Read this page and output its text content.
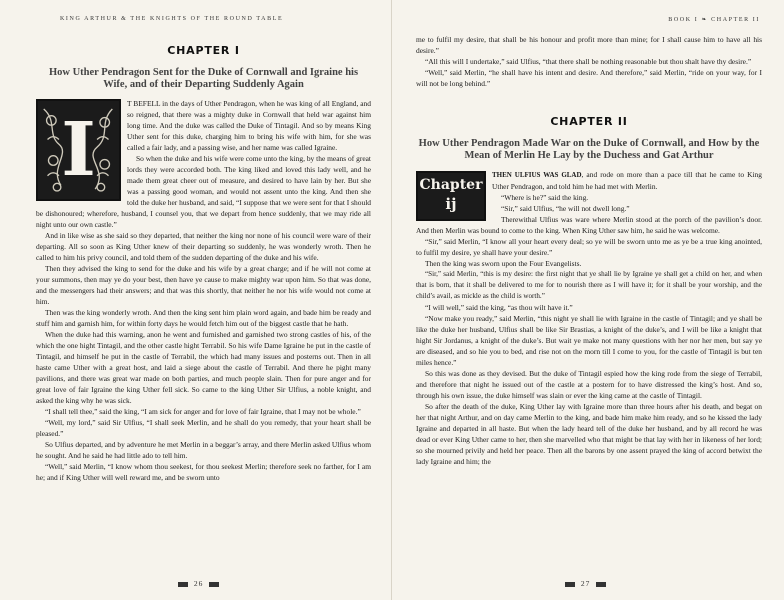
KING ARTHUR & THE KNIGHTS OF THE ROUND TABLE
CHAPTER I
How Uther Pendragon Sent for the Duke of Cornwall and Igraine his Wife, and of their Departing Suddenly Again
I

T BEFELL in the days of Uther Pendragon, when he was king of all England, and so reigned, that there was a mighty duke in Cornwall that held war against him long time. And the duke was called the Duke of Tintagil. And so by means King Uther sent for this duke, charging him to bring his wife with him, for she was called a fair lady, and a passing wise, and her name was called Igraine.

So when the duke and his wife were come unto the king, by the means of great lords they were accorded both. The king liked and loved this lady well, and he made them great cheer out of measure, and desired to have lain by her. But she was a passing good woman, and would not assent unto the king. And then she told the duke her husband, and said, “I suppose that we were sent for that I should be dishonoured; wherefore, husband, I counsel you, that we depart from hence suddenly, that we may ride all night unto our own castle.”

And in like wise as she said so they departed, that neither the king nor none of his council were ware of their departing. All so soon as King Uther knew of their departing so suddenly, he was wonderly wroth. Then he called to him his privy council, and told them of the sudden departing of the duke and his wife.

Then they advised the king to send for the duke and his wife by a great charge; and if he will not come at your summons, then may ye do your best, then have ye cause to make mighty war upon him. So that was done, and the messengers had their answers; and that was this shortly, that neither he nor his wife would not come at him.

Then was the king wonderly wroth. And then the king sent him plain word again, and bade him be ready and stuff him and garnish him, for within forty days he would fetch him out of the biggest castle that he hath.

When the duke had this warning, anon he went and furnished and garnished two strong castles of his, of the which the one hight Tintagil, and the other castle hight Terrabil. So his wife Dame Igraine he put in the castle of Tintagil, and himself he put in the castle of Terrabil, the which had many issues and posterns out. Then in all haste came Uther with a great host, and laid a siege about the castle of Terrabil. And there he pight many pavilions, and there was great war made on both parties, and much people slain. Then for pure anger and for great love of fair Igraine the king Uther fell sick. So came to the king Uther Sir Ulfius, a noble knight, and asked the king why he was sick.

“I shall tell thee,” said the king, “I am sick for anger and for love of fair Igraine, that I may not be whole.”

“Well, my lord,” said Sir Ulfius, “I shall seek Merlin, and he shall do you remedy, that your heart shall be pleased.”

So Ulfius departed, and by adventure he met Merlin in a beggar’s array, and there Merlin asked Ulfius whom he sought. And he said he had little ado to tell him.

“Well,” said Merlin, “I know whom thou seekest, for thou seekest Merlin; therefore seek no farther, for I am he; and if King Uther will well reward me, and be sworn unto

26
BOOK I ❧ CHAPTER II

me to fulfil my desire, that shall be his honour and profit more than mine; for I shall cause him to have all his desire.”

“All this will I undertake,” said Ulfius, “that there shall be nothing reasonable but thou shalt have thy desire.”

“Well,” said Merlin, “he shall have his intent and desire. And therefore,” said Merlin, “ride on your way, for I will not be long behind.”

CHAPTER II
How Uther Pendragon Made War on the Duke of Cornwall, and How by the Mean of Merlin He Lay by the Duchess and Gat Arthur
Chapter
ij

THEN ULFIUS WAS GLAD, and rode on more than a pace till that he came to King Uther Pendragon, and told him he had met with Merlin.

“Where is he?” said the king.

“Sir,” said Ulfius, “he will not dwell long.”

Therewithal Ulfius was ware where Merlin stood at the porch of the pavilion’s door. And then Merlin was bound to come to the king. When King Uther saw him, he said he was welcome.

“Sir,” said Merlin, “I know all your heart every deal; so ye will be sworn unto me as ye be a true king anointed, to fulfil my desire, ye shall have your desire.”

Then the king was sworn upon the Four Evangelists.

“Sir,” said Merlin, “this is my desire: the first night that ye shall lie by Igraine ye shall get a child on her, and when that is born, that it shall be delivered to me for to nourish there as I will have it; for it shall be your worship, and the child’s avail, as mickle as the child is worth.”

“I will well,” said the king, “as thou wilt have it.”

“Now make you ready,” said Merlin, “this night ye shall lie with Igraine in the castle of Tintagil; and ye shall be like the duke her husband, Ulfius shall be like Sir Brastias, a knight of the duke’s, and I will be like a knight that hight Sir Jordanus, a knight of the duke’s. But wait ye make not many questions with her nor her men, but say ye are diseased, and so hie you to bed, and rise not on the morn till I come to you, for the castle of Tintagil is but ten miles hence.”

So this was done as they devised. But the duke of Tintagil espied how the king rode from the siege of Terrabil, and therefore that night he issued out of the castle at a postern for to have distressed the king’s host. And so, through his own issue, the duke himself was slain or ever the king came at the castle of Tintagil.

So after the death of the duke, King Uther lay with Igraine more than three hours after his death, and begat on her that night Arthur, and on day came Merlin to the king, and bade him make him ready, and so he kissed the lady Igraine and departed in all haste. But when the lady heard tell of the duke her husband, and by all record he was dead or ever King Uther came to her, then she marvelled who that might be that lay with her in likeness of her lord; so she mourned privily and held her peace. Then all the barons by one assent prayed the king of accord betwixt the lady Igraine and him; the

27
